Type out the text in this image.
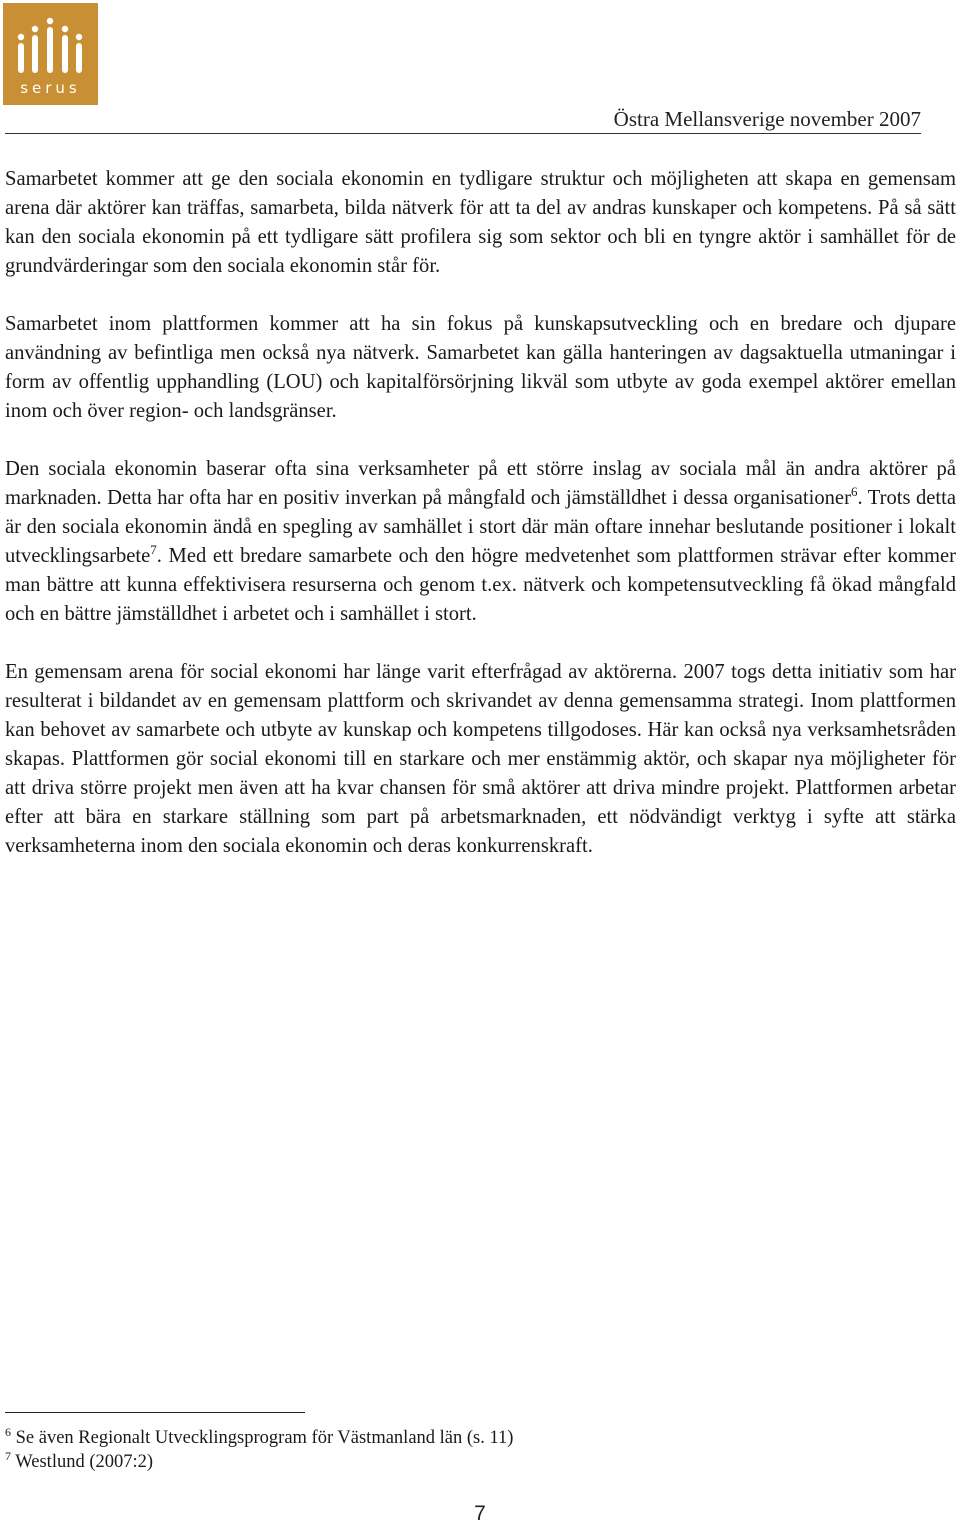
serus
Östra Mellansverige november 2007

Samarbetet kommer att ge den sociala ekonomin en tydligare struktur och möjligheten att skapa en gemensam arena där aktörer kan träffas, samarbeta, bilda nätverk för att ta del av andras kunskaper och kompetens. På så sätt kan den sociala ekonomin på ett tydligare sätt profilera sig som sektor och bli en tyngre aktör i samhället för de grundvärderingar som den sociala ekonomin står för.

Samarbetet inom plattformen kommer att ha sin fokus på kunskapsutveckling och en bredare och djupare användning av befintliga men också nya nätverk. Samarbetet kan gälla hanteringen av dagsaktuella utmaningar i form av offentlig upphandling (LOU) och kapitalförsörjning likväl som utbyte av goda exempel aktörer emellan inom och över region- och landsgränser.

Den sociala ekonomin baserar ofta sina verksamheter på ett större inslag av sociala mål än andra aktörer på marknaden. Detta har ofta har en positiv inverkan på mångfald och jämställdhet i dessa organisationer$^6$. Trots detta är den sociala ekonomin ändå en spegling av samhället i stort där män oftare innehar beslutande positioner i lokalt utvecklingsarbete$^7$. Med ett bredare samarbete och den högre medvetenhet som plattformen strävar efter kommer man bättre att kunna effektivisera resurserna och genom t.ex. nätverk och kompetensutveckling få ökad mångfald och en bättre jämställdhet i arbetet och i samhället i stort.

En gemensam arena för social ekonomi har länge varit efterfrågad av aktörerna. 2007 togs detta initiativ som har resulterat i bildandet av en gemensam plattform och skrivandet av denna gemensamma strategi. Inom plattformen kan behovet av samarbete och utbyte av kunskap och kompetens tillgodoses. Här kan också nya verksamhetsråden skapas. Plattformen gör social ekonomi till en starkare och mer enstämmig aktör, och skapar nya möjligheter för att driva större projekt men även att ha kvar chansen för små aktörer att driva mindre projekt. Plattformen arbetar efter att bära en starkare ställning som part på arbetsmarknaden, ett nödvändigt verktyg i syfte att stärka verksamheterna inom den sociala ekonomin och deras konkurrenskraft.

$^6$ Se även Regionalt Utvecklingsprogram för Västmanland län (s. 11)
$^7$ Westlund (2007:2)
7
